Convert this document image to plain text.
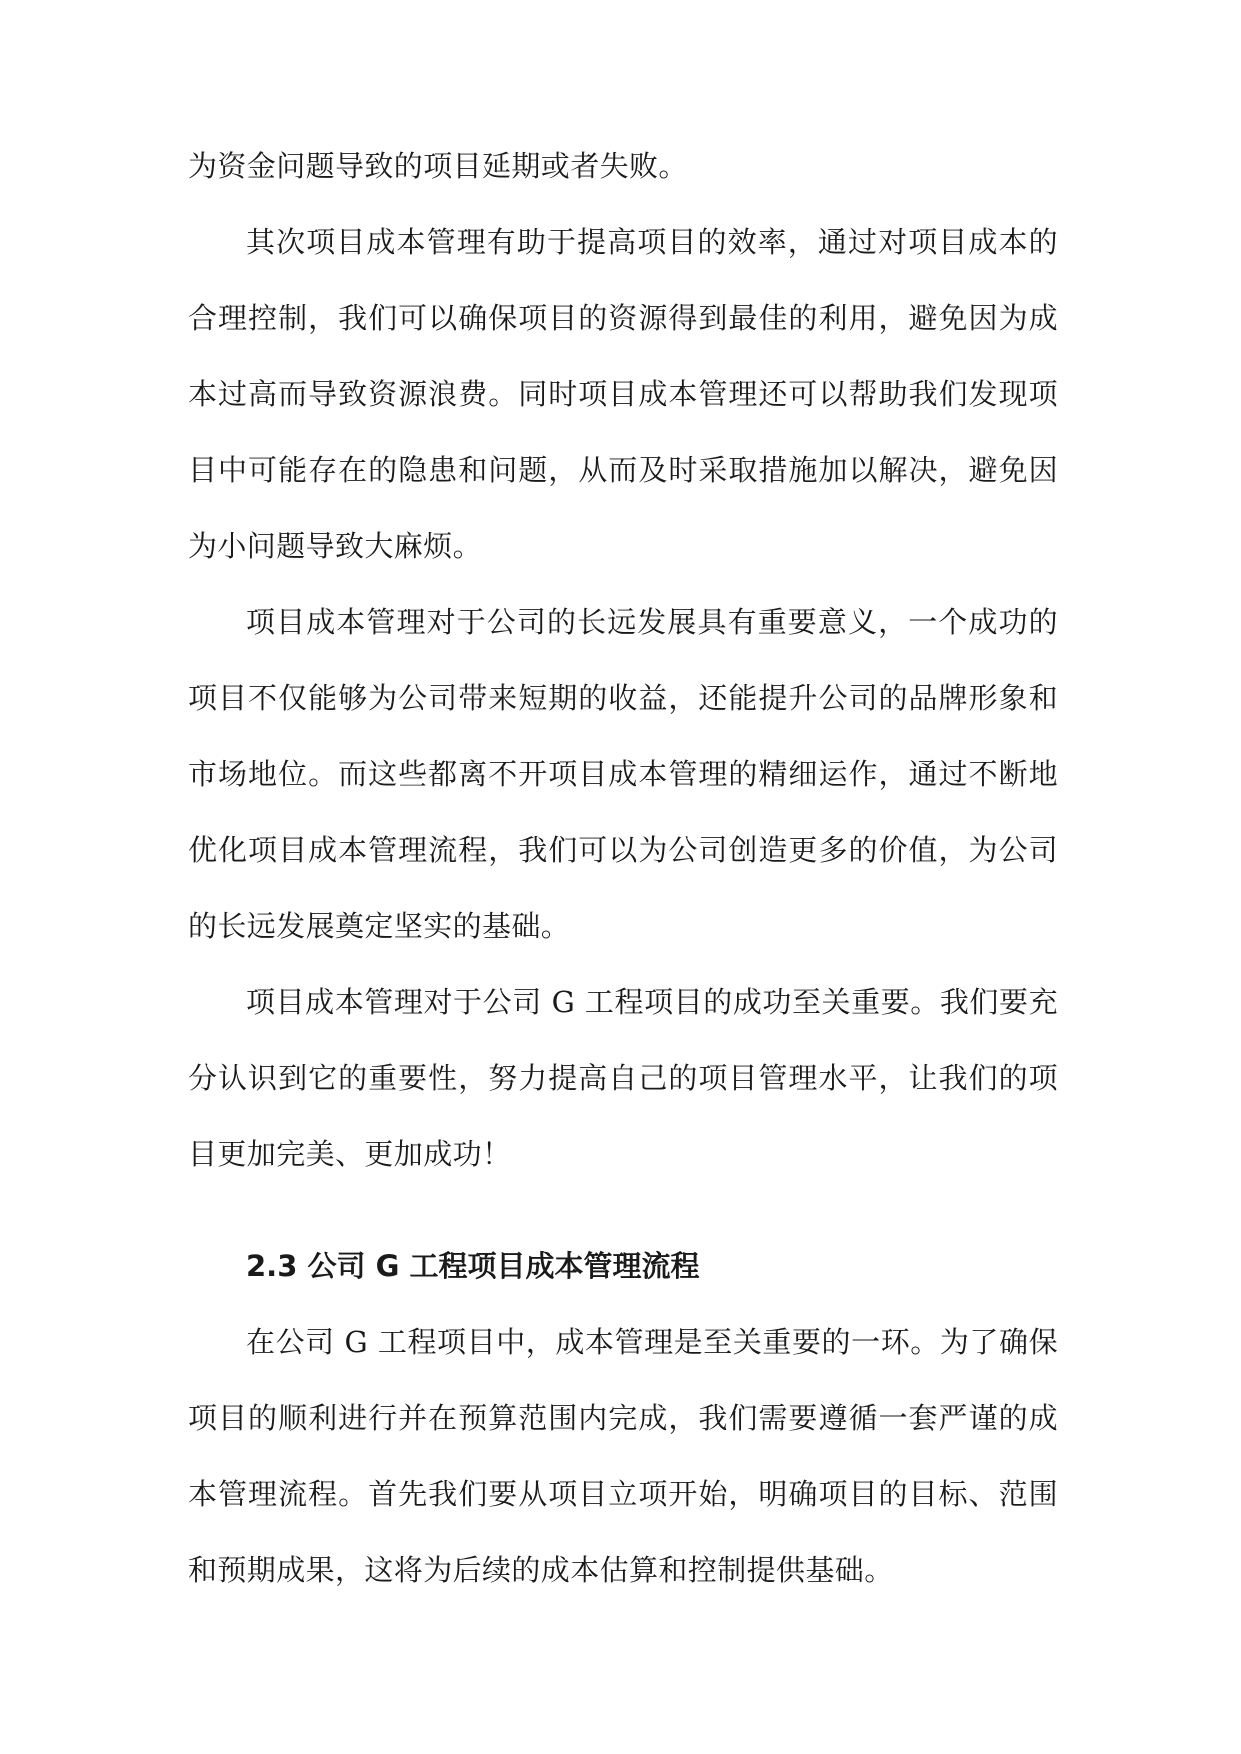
为资金问题导致的项目延期或者失败。

其次项目成本管理有助于提高项目的效率，通过对项目成本的合理控制，我们可以确保项目的资源得到最佳的利用，避免因为成本过高而导致资源浪费。同时项目成本管理还可以帮助我们发现项目中可能存在的隐患和问题，从而及时采取措施加以解决，避免因为小问题导致大麻烦。

项目成本管理对于公司的长远发展具有重要意义，一个成功的项目不仅能够为公司带来短期的收益，还能提升公司的品牌形象和市场地位。而这些都离不开项目成本管理的精细运作，通过不断地优化项目成本管理流程，我们可以为公司创造更多的价值，为公司的长远发展奠定坚实的基础。

项目成本管理对于公司 G 工程项目的成功至关重要。我们要充分认识到它的重要性，努力提高自己的项目管理水平，让我们的项目更加完美、更加成功！

2.3 公司 G 工程项目成本管理流程

在公司 G 工程项目中，成本管理是至关重要的一环。为了确保项目的顺利进行并在预算范围内完成，我们需要遵循一套严谨的成本管理流程。首先我们要从项目立项开始，明确项目的目标、范围和预期成果，这将为后续的成本估算和控制提供基础。
